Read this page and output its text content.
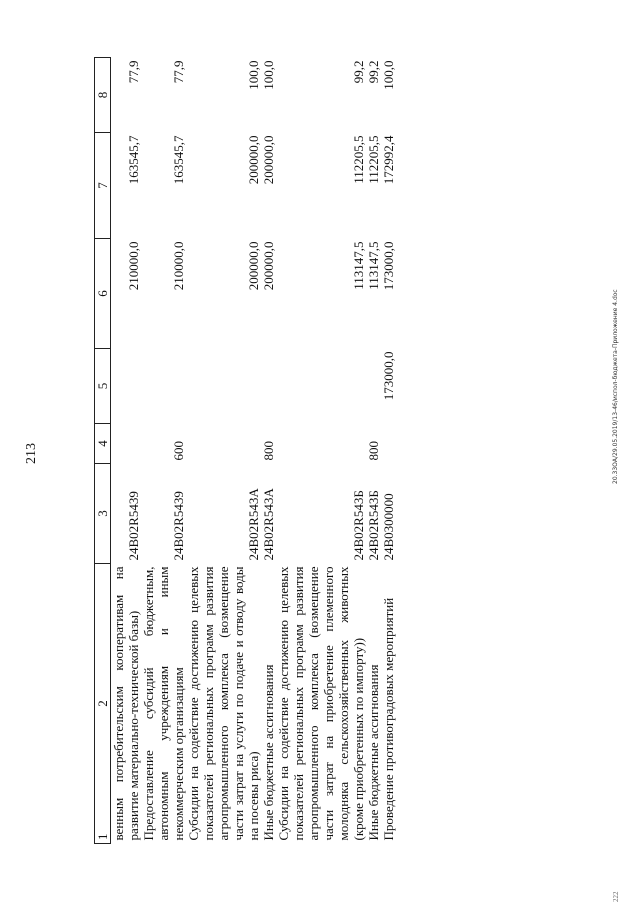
213
1
2	3	4	5	6	7	8
венным потребительским кооперативам на развитие материально-технической базы)	24B02R5439			210000,0	163545,7	77,9
Предоставление субсидий бюджетным, автономным учреждениям и иным некоммерческим организациям	24B02R5439	600		210000,0	163545,7	77,9
Субсидии на содействие достижению целевых показателей региональных программ развития агропромышленного комплекса (возмещение части затрат на услуги по подаче и отводу воды на посевы риса)	24B02R543A			200000,0	200000,0	100,0
Иные бюджетные ассигнования	24B02R543A	800		200000,0	200000,0	100,0
Субсидии на содействие достижению целевых показателей региональных программ развития агропромышленного комплекса (возмещение части затрат на приобретение племенного молодняка сельскохозяйственных животных (кроме приобретенных по импорту))	24B02R543Б			113147,5	112205,5	99,2
Иные бюджетные ассигнования	24B02R543Б	800		113147,5	112205,5	99,2
Проведение противоградовых мероприятий	24B0300000		173000,0	173000,0	172992,4	100,0
20.33ОА/29.05.2019/13-46/испол-бюджета-Приложение 4.doc
222
